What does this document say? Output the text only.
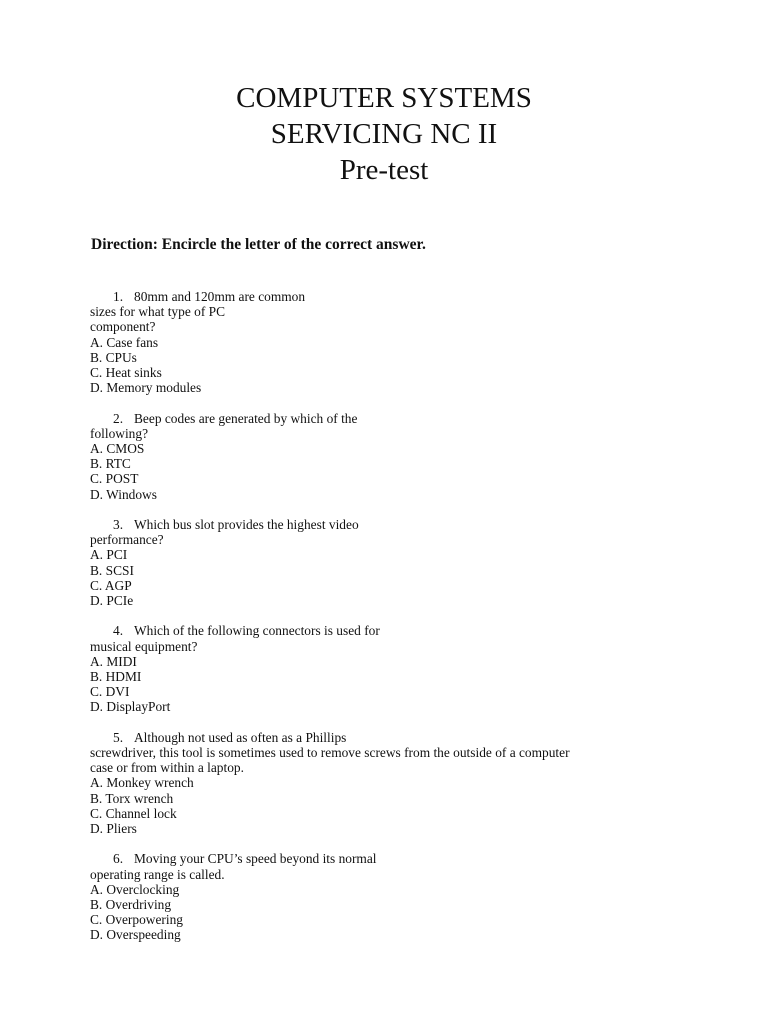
COMPUTER SYSTEMS
SERVICING NC II
Pre-test
Direction: Encircle the letter of the correct answer.
1. 80mm and 120mm are common
sizes for what type of PC
component?
A. Case fans
B. CPUs
C. Heat sinks
D. Memory modules
2. Beep codes are generated by which of the
following?
A. CMOS
B. RTC
C. POST
D. Windows
3. Which bus slot provides the highest video
performance?
A. PCI
B. SCSI
C. AGP
D. PCIe
4. Which of the following connectors is used for
musical equipment?
A. MIDI
B. HDMI
C. DVI
D. DisplayPort
5. Although not used as often as a Phillips
screwdriver, this tool is sometimes used to remove screws from the outside of a computer
case or from within a laptop.
A. Monkey wrench
B. Torx wrench
C. Channel lock
D. Pliers
6. Moving your CPU’s speed beyond its normal
operating range is called.
A. Overclocking
B. Overdriving
C. Overpowering
D. Overspeeding
